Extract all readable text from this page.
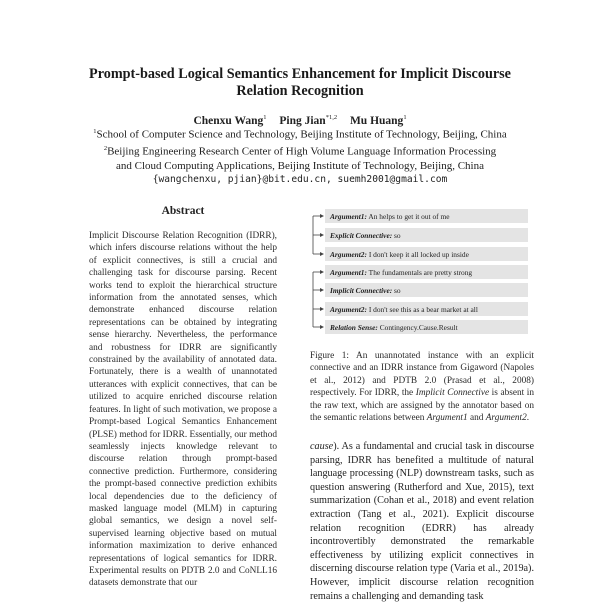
Prompt-based Logical Semantics Enhancement for Implicit Discourse
Relation Recognition
Chenxu Wang$^1$ Ping Jian$^{*1,2}$ Mu Huang$^1$
$^1$School of Computer Science and Technology, Beijing Institute of Technology, Beijing, China
$^2$Beijing Engineering Research Center of High Volume Language Information Processing
and Cloud Computing Applications, Beijing Institute of Technology, Beijing, China
{wangchenxu, pjian}@bit.edu.cn, suemh2001@gmail.com
Abstract

Implicit Discourse Relation Recognition (IDRR), which infers discourse relations without the help of explicit connectives, is still a crucial and challenging task for discourse parsing. Recent works tend to exploit the hierarchical structure information from the annotated senses, which demonstrate enhanced discourse relation representations can be obtained by integrating sense hierarchy. Nevertheless, the performance and robustness for IDRR are significantly constrained by the availability of annotated data. Fortunately, there is a wealth of unannotated utterances with explicit connectives, that can be utilized to acquire enriched discourse relation features. In light of such motivation, we propose a Prompt-based Logical Semantics Enhancement (PLSE) method for IDRR. Essentially, our method seamlessly injects knowledge relevant to discourse relation through prompt-based connective prediction. Furthermore, considering the prompt-based connective prediction exhibits local dependencies due to the deficiency of masked language model (MLM) in capturing global semantics, we design a novel self-supervised learning objective based on mutual information maximization to derive enhanced representations of logical semantics for IDRR. Experimental results on PDTB 2.0 and CoNLL16 datasets demonstrate that our

Argument1: An helps to get it out of me
Explicit Connective: so
Argument2: I don't keep it all locked up inside
Argument1: The fundamentals are pretty strong
Implicit Connective: so
Argument2: I don't see this as a bear market at all
Relation Sense: Contingency.Cause.Result
Figure 1: An unannotated instance with an explicit connective and an IDRR instance from Gigaword (Napoles et al., 2012) and PDTB 2.0 (Prasad et al., 2008) respectively. For IDRR, the Implicit Connective is absent in the raw text, which are assigned by the annotator based on the semantic relations between Argument1 and Argument2.
cause). As a fundamental and crucial task in discourse parsing, IDRR has benefited a multitude of natural language processing (NLP) downstream tasks, such as question answering (Rutherford and Xue, 2015), text summarization (Cohan et al., 2018) and event relation extraction (Tang et al., 2021). Explicit discourse relation recognition (EDRR) has already incontrovertibly demonstrated the remarkable effectiveness by utilizing explicit connectives in discerning discourse relation type (Varia et al., 2019a). However, implicit discourse relation recognition remains a challenging and demanding task
